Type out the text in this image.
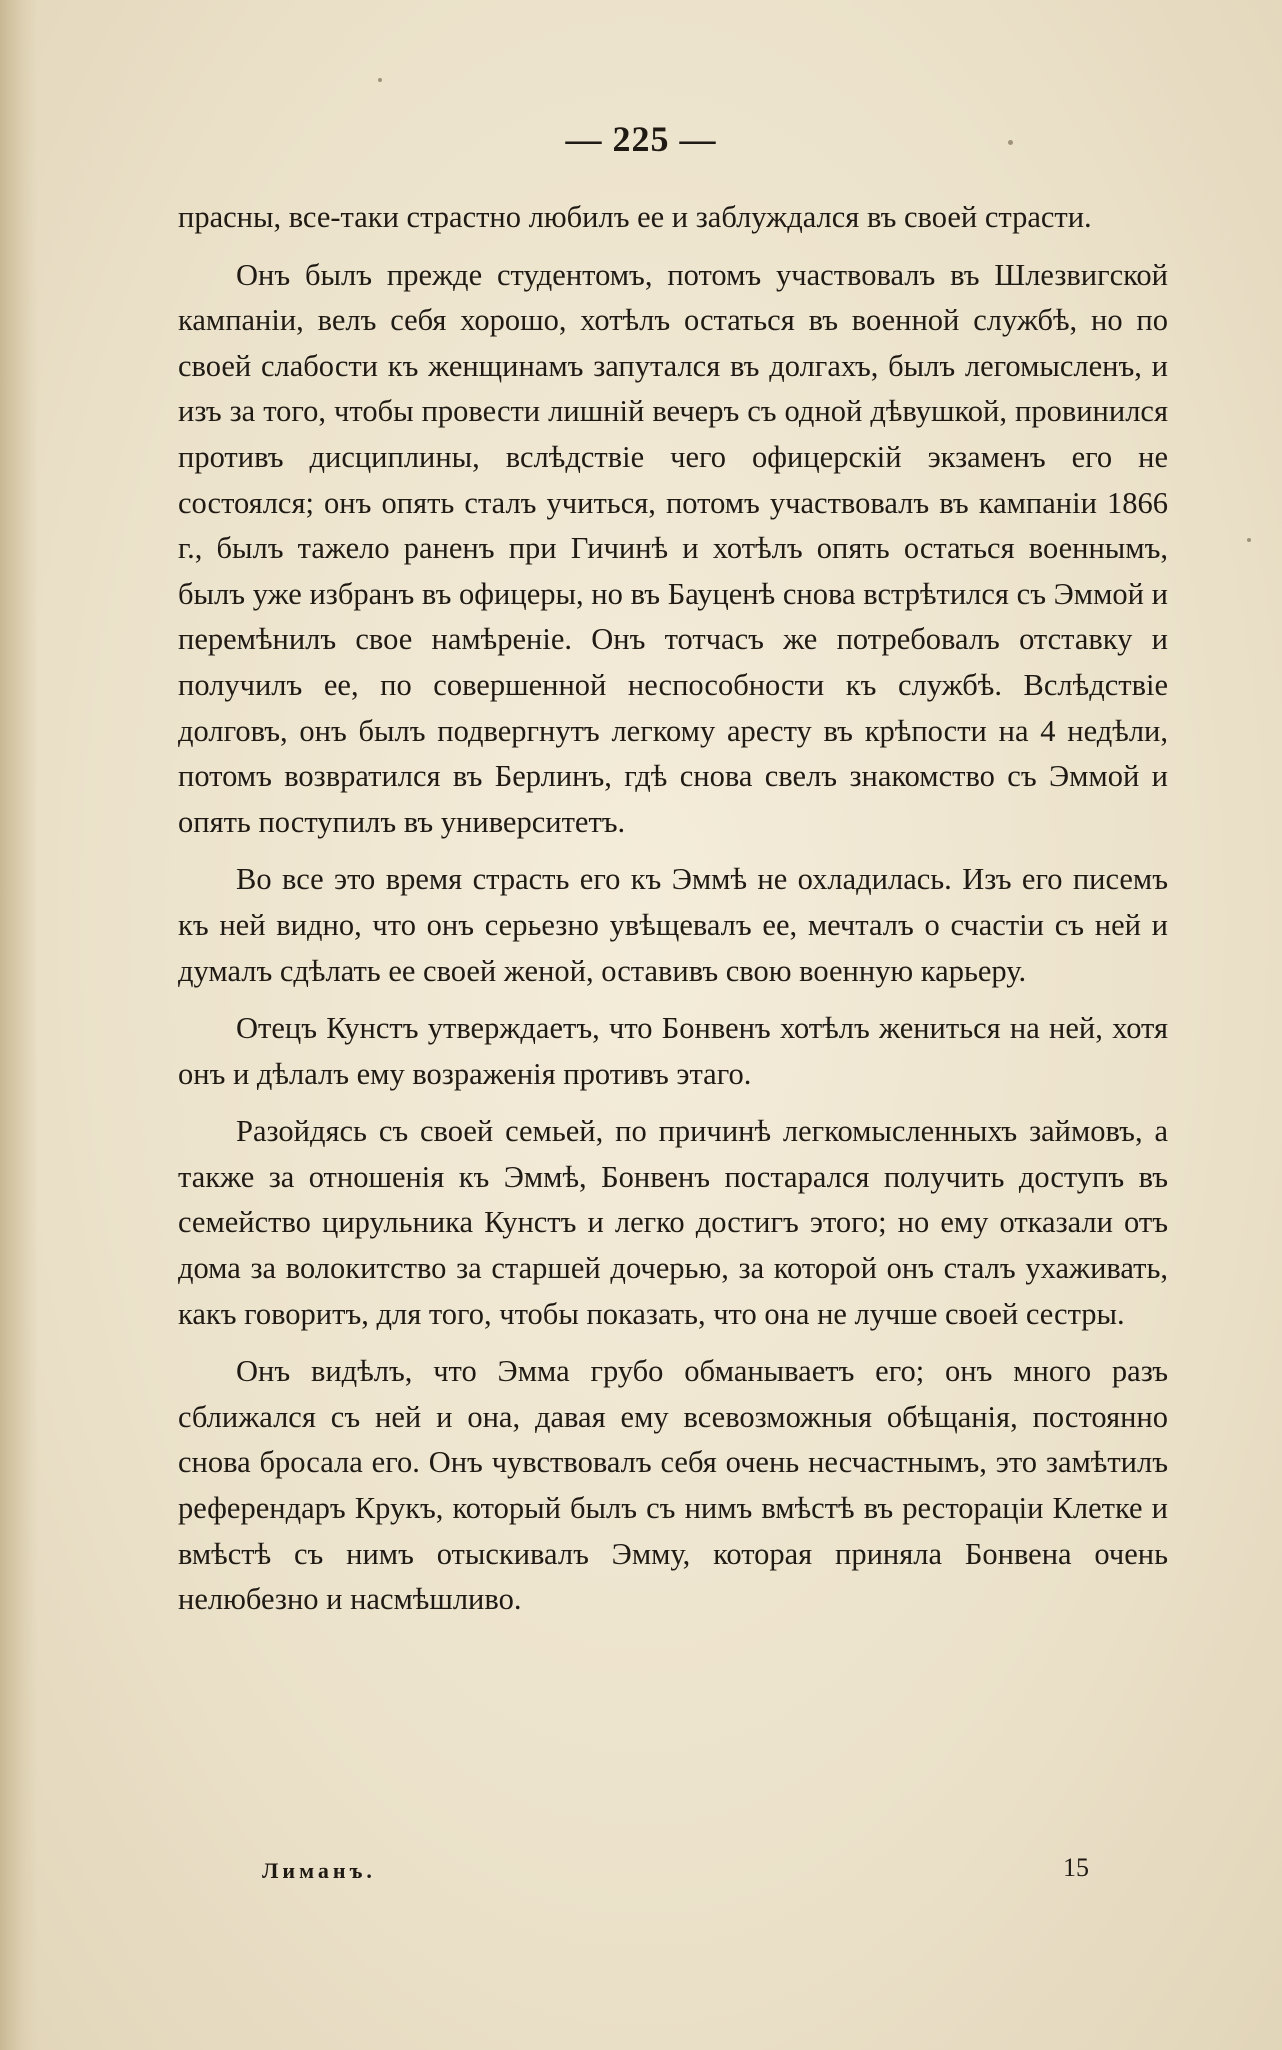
— 225 —

прасны, все-таки страстно любилъ ее и заблуждался въ своей страсти.

Онъ былъ прежде студентомъ, потомъ участвовалъ въ Шлезвигской кампаніи, велъ себя хорошо, хотѣлъ остаться въ военной службѣ, но по своей слабости къ женщинамъ запутался въ долгахъ, былъ легомысленъ, и изъ за того, чтобы провести лишній вечеръ съ одной дѣвушкой, провинился противъ дисциплины, вслѣдствіе чего офицерскій экзаменъ его не состоялся; онъ опять сталъ учиться, потомъ участвовалъ въ кампаніи 1866 г., былъ тажело раненъ при Гичинѣ и хотѣлъ опять остаться военнымъ, былъ уже избранъ въ офицеры, но въ Бауценѣ снова встрѣтился съ Эммой и перемѣнилъ свое намѣреніе. Онъ тотчасъ же потребовалъ отставку и получилъ ее, по совершенной неспособности къ службѣ. Вслѣдствіе долговъ, онъ былъ подвергнутъ легкому аресту въ крѣпости на 4 недѣли, потомъ возвратился въ Берлинъ, гдѣ снова свелъ знакомство съ Эммой и опять поступилъ въ университетъ.

Во все это время страсть его къ Эммѣ не охладилась. Изъ его писемъ къ ней видно, что онъ серьезно увѣщевалъ ее, мечталъ о счастіи съ ней и думалъ сдѣлать ее своей женой, оставивъ свою военную карьеру.

Отецъ Кунстъ утверждаетъ, что Бонвенъ хотѣлъ жениться на ней, хотя онъ и дѣлалъ ему возраженія противъ этаго.

Разойдясь съ своей семьей, по причинѣ легкомысленныхъ займовъ, а также за отношенія къ Эммѣ, Бонвенъ постарался получить доступъ въ семейство цирульника Кунстъ и легко достигъ этого; но ему отказали отъ дома за волокитство за старшей дочерью, за которой онъ сталъ ухаживать, какъ говоритъ, для того, чтобы показать, что она не лучше своей сестры.

Онъ видѣлъ, что Эмма грубо обманываетъ его; онъ много разъ сближался съ ней и она, давая ему всевозможныя обѣщанія, постоянно снова бросала его. Онъ чувствовалъ себя очень несчастнымъ, это замѣтилъ референдаръ Крукъ, который былъ съ нимъ вмѣстѣ въ ресторацiи Клетке и вмѣстѣ съ нимъ отыскивалъ Эмму, которая приняла Бонвена очень нелюбезно и насмѣшливо.

Лиманъ.	15
